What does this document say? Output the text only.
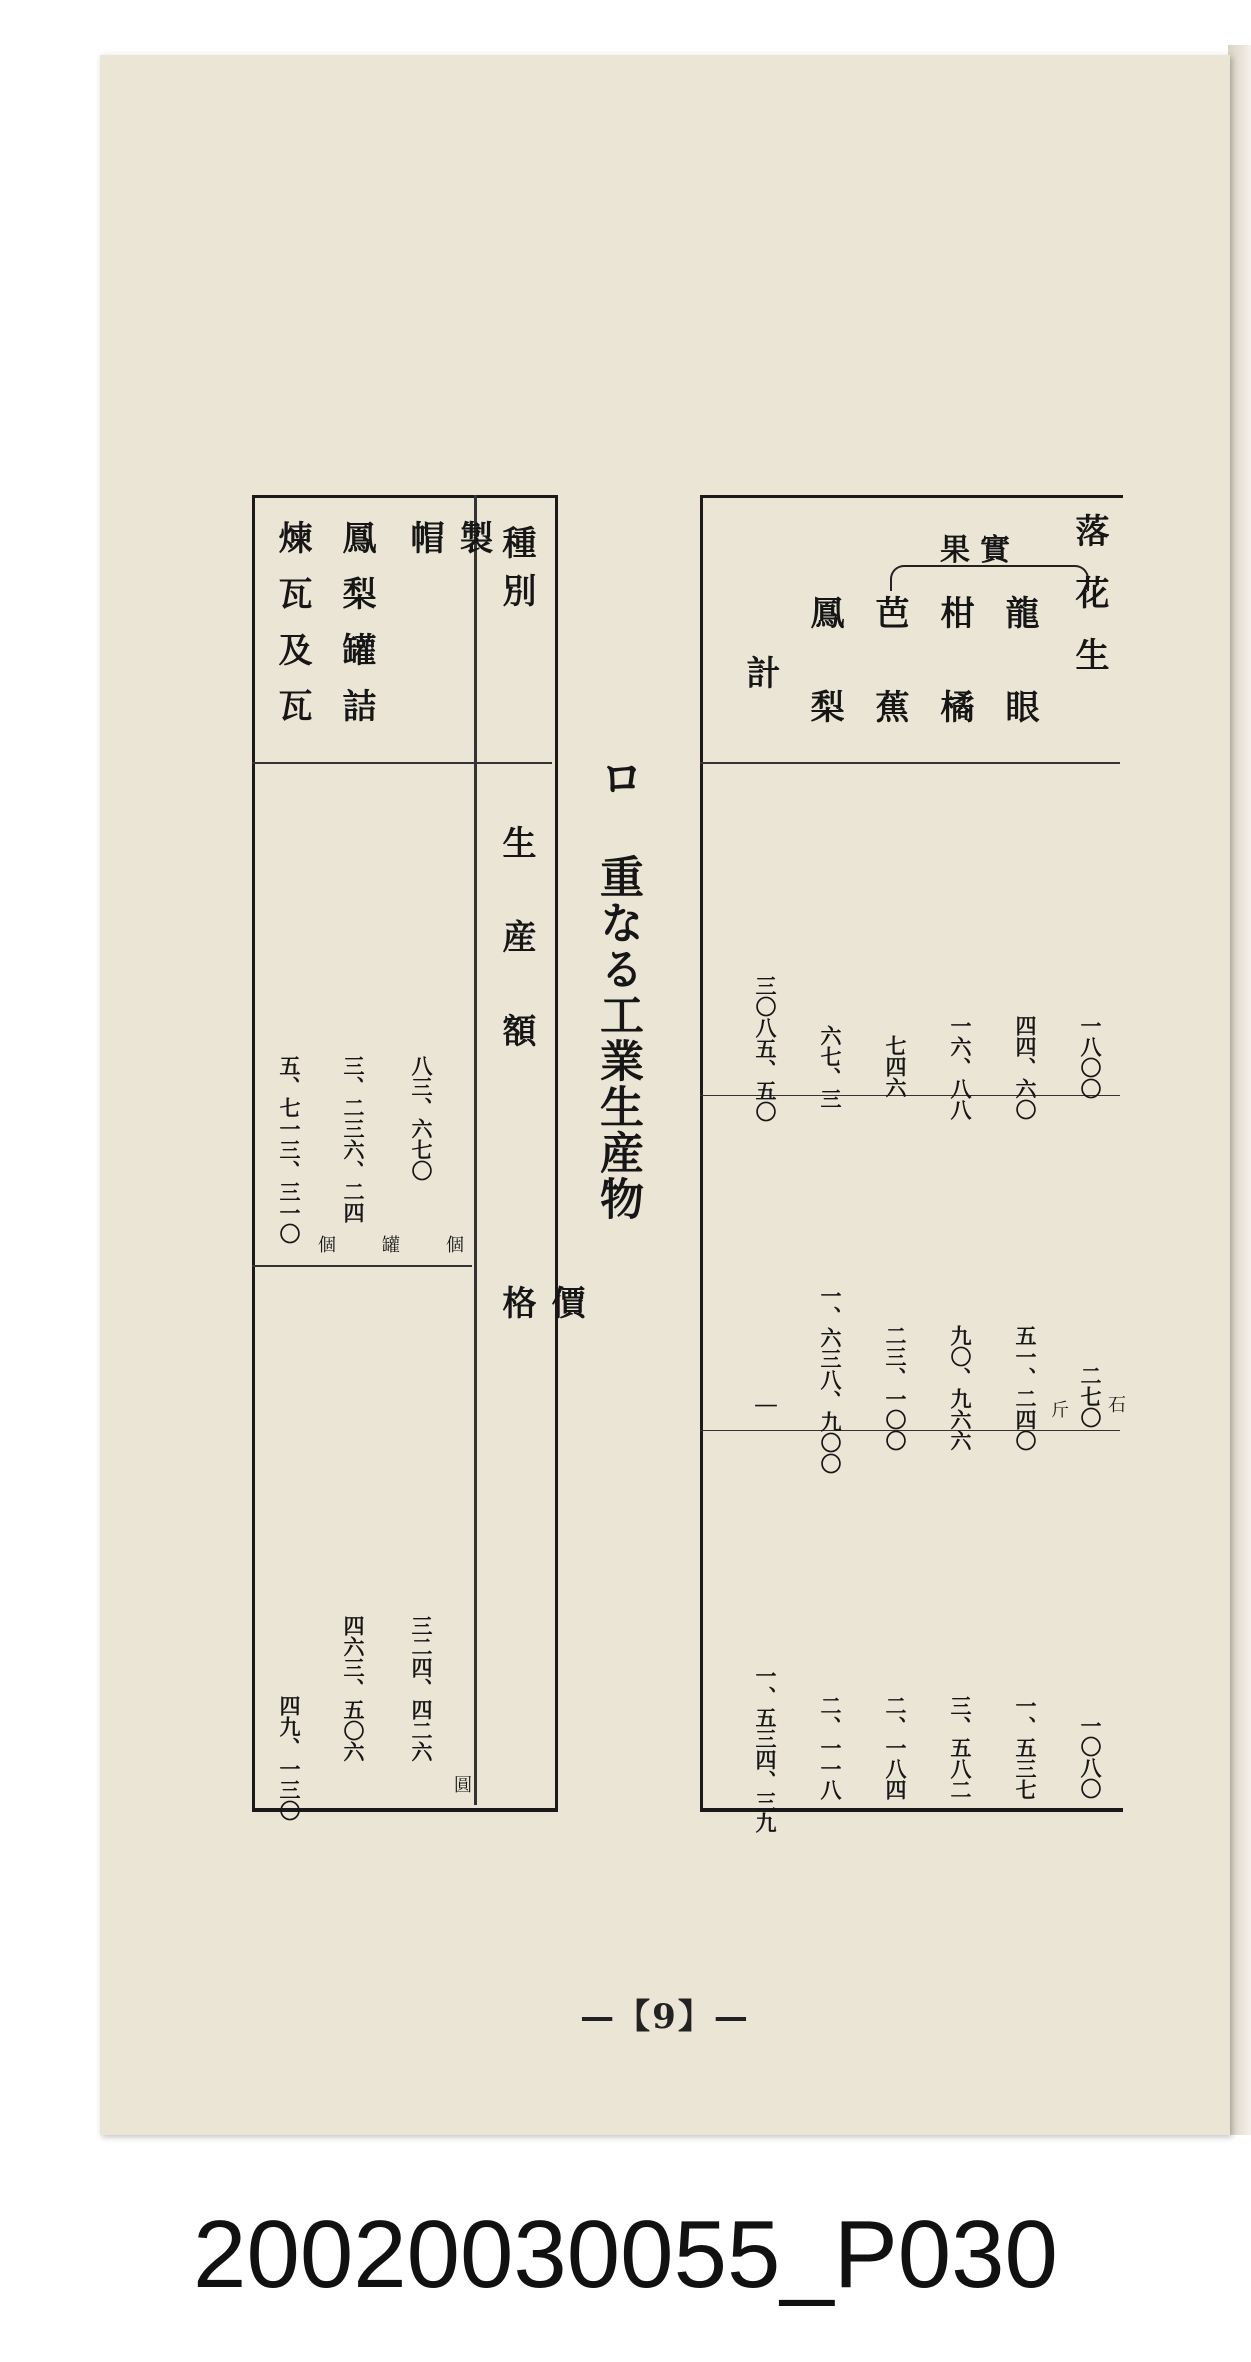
種別
生産額
價格
製帽
鳳梨罐詰
煉瓦及瓦
八三、六七〇
個
三、二三六、二四
罐
五、七一三、三一〇 個
三二四、四二六
圓
四六三、五〇六
四九、一三〇
ロ 重なる工業生産物
果實 落花生
龍眼
柑橘
芭蕉
鳳梨
計
一八〇〇
四四、六〇
一六、八八
七四六
六七、三
三〇八五、五〇
二七〇 石
五一、二四〇 斤
九〇、九六六
二三、一〇〇
一、六三八、九〇〇
｜
一〇八〇
一、五三七
三、五八二
二、一八四
二、一一八
一、五三四、三九
—【9】—
20020030055_P030
